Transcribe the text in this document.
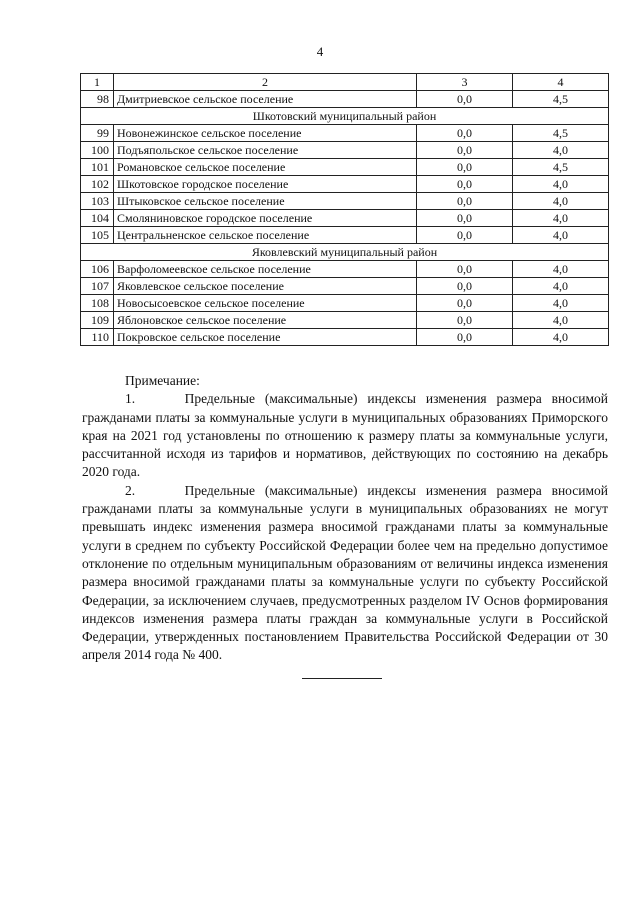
4
1	2	3	4
98	Дмитриевское сельское поселение	0,0	4,5
Шкотовский муниципальный район			
99	Новонежинское сельское поселение	0,0	4,5
100	Подъяпольское сельское поселение	0,0	4,0
101	Романовское сельское поселение	0,0	4,5
102	Шкотовское городское поселение	0,0	4,0
103	Штыковское сельское поселение	0,0	4,0
104	Смоляниновское городское поселение	0,0	4,0
105	Центральненское сельское поселение	0,0	4,0
Яковлевский муниципальный район			
106	Варфоломеевское сельское поселение	0,0	4,0
107	Яковлевское сельское поселение	0,0	4,0
108	Новосысоевское сельское поселение	0,0	4,0
109	Яблоновское сельское поселение	0,0	4,0
110	Покровское сельское поселение	0,0	4,0

Примечание:

1.     Предельные (максимальные) индексы изменения размера вносимой гражданами платы за коммунальные услуги в муниципальных образованиях Приморского края на 2021 год установлены по отношению к размеру платы за коммунальные услуги, рассчитанной исходя из тарифов и нормативов, действующих по состоянию на декабрь 2020 года.

2.     Предельные (максимальные) индексы изменения размера вносимой гражданами платы за коммунальные услуги в муниципальных образованиях не могут превышать индекс изменения размера вносимой гражданами платы за коммунальные услуги в среднем по субъекту Российской Федерации более чем на предельно допустимое отклонение по отдельным муниципальным образованиям от величины индекса изменения размера вносимой гражданами платы за коммунальные услуги по субъекту Российской Федерации, за исключением случаев, предусмотренных разделом IV Основ формирования индексов изменения размера платы граждан за коммунальные услуги в Российской Федерации, утвержденных постановлением Правительства Российской Федерации от 30 апреля 2014 года № 400.
